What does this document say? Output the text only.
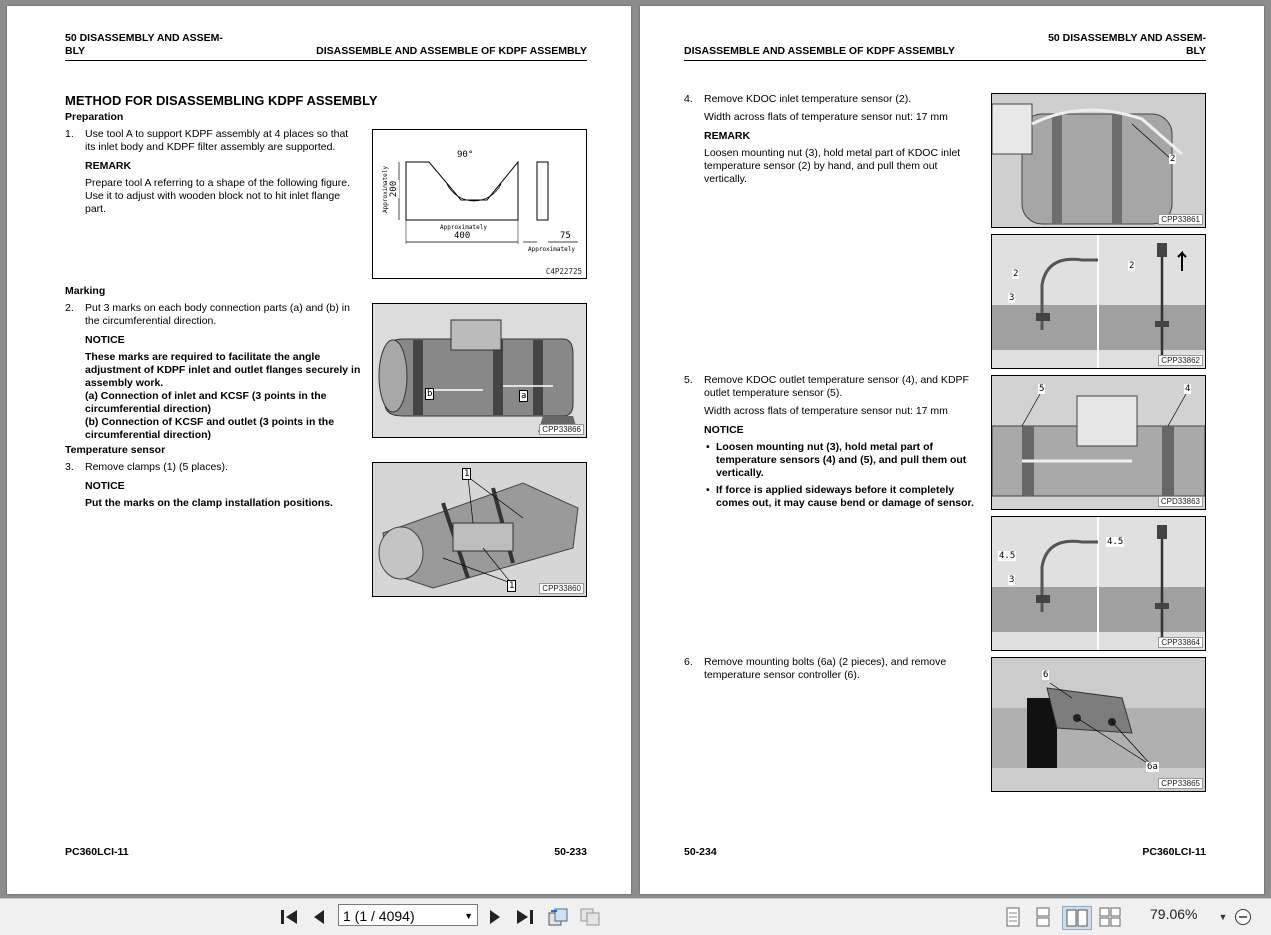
50 DISASSEMBLY AND ASSEM-
BLY	DISASSEMBLE AND ASSEMBLE OF KDPF ASSEMBLY
METHOD FOR DISASSEMBLING KDPF ASSEMBLY
Preparation
1. Use tool A to support KDPF assembly at 4 places so that its inlet body and KDPF filter assembly are supported.

REMARK

Prepare tool A referring to a shape of the following figure. Use it to adjust with wooden block not to hit inlet flange part.

90°
Approximately 200
Approximately
400	75
Approximately
C4P22725
Marking
2. Put 3 marks on each body connection parts (a) and (b) in the circumferential direction.

NOTICE
These marks are required to facilitate the angle adjustment of KDPF inlet and outlet flanges securely in assembly work.
(a) Connection of inlet and KCSF (3 points in the circumferential direction)
(b) Connection of KCSF and outlet (3 points in the circumferential direction)
b	a
CPP33866
Temperature sensor
3. Remove clamps (1) (5 places).

NOTICE
Put the marks on the clamp installation positions.
1
1	CPP33860
PC360LCI-11	50-233
DISASSEMBLE AND ASSEMBLE OF KDPF ASSEMBLY
50 DISASSEMBLY AND ASSEM-
BLY
4. Remove KDOC inlet temperature sensor (2).

Width across flats of temperature sensor nut: 17 mm

REMARK

Loosen mounting nut (3), hold metal part of KDOC inlet temperature sensor (2) by hand, and pull them out vertically.

2
CPP33861
2
3
2
CPP33862
5. Remove KDOC outlet temperature sensor (4), and KDPF outlet temperature sensor (5).

Width across flats of temperature sensor nut: 17 mm

NOTICE
• Loosen mounting nut (3), hold metal part of temperature sensors (4) and (5), and pull them out vertically.
• If force is applied sideways before it completely comes out, it may cause bend or damage of sensor.
5	4
CPD33863
4.5
3
4.5
CPP33864
6. Remove mounting bolts (6a) (2 pieces), and remove temperature sensor controller (6).	6
6a
CPP33865
50-234	PC360LCI-11
1 (1 / 4094)	▼	79.06% ▼
